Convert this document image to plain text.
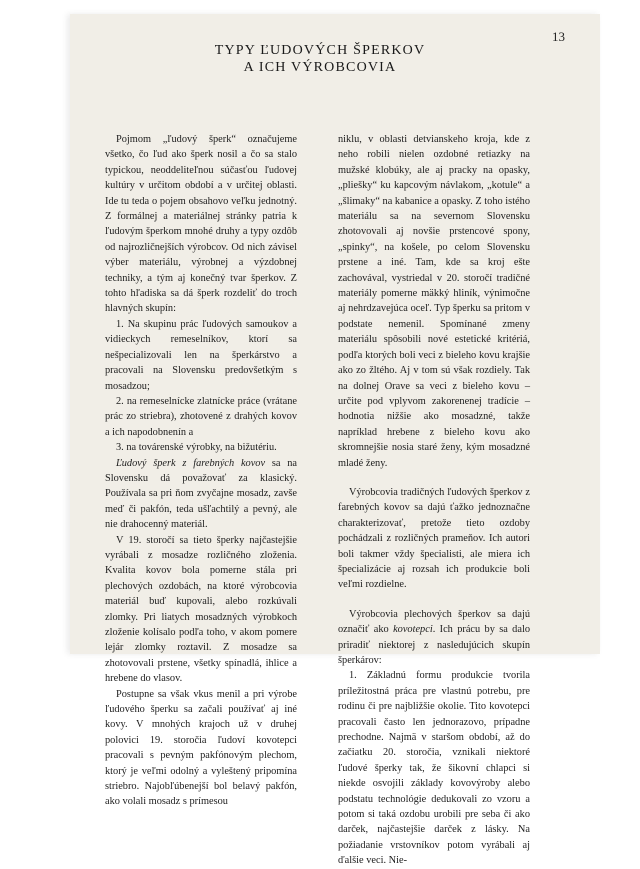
13
TYPY ĽUDOVÝCH ŠPERKOV
A ICH VÝROBCOVIA

Pojmom „ľudový šperk“ označujeme všetko, čo ľud ako šperk nosil a čo sa stalo typickou, neoddeliteľnou súčasťou ľudovej kultúry v určitom období a v určitej oblasti. Ide tu teda o pojem obsahovo veľku jednotný. Z formálnej a materiálnej stránky patria k ľudovým šperkom mnohé druhy a typy ozdôb od najrozličnejších výrobcov. Od nich závisel výber materiálu, výrobnej a výzdobnej techniky, a tým aj konečný tvar šperkov. Z tohto hľadiska sa dá šperk rozdeliť do troch hlavných skupín:

1. Na skupinu prác ľudových samoukov a vidieckych remeselníkov, ktorí sa nešpecializovali len na šperkárstvo a pracovali na Slovensku predovšetkým s mosadzou;

2. na remeselnícke zlatnícke práce (vrátane prác zo striebra), zhotovené z drahých kovov a ich napodobnenín a

3. na továrenské výrobky, na bižutériu.

Ľudový šperk z farebných kovov sa na Slovensku dá považovať za klasický. Používala sa pri ňom zvyčajne mosadz, zavše meď či pakfón, teda ušľachtilý a pevný, ale nie drahocenný materiál.

V 19. storočí sa tieto šperky najčastejšie vyrábali z mosadze rozličného zloženia. Kvalita kovov bola pomerne stála pri plechových ozdobách, na ktoré výrobcovia materiál buď kupovali, alebo rozkúvali zlomky. Pri liatych mosadzných výrobkoch zloženie kolísalo podľa toho, v akom pomere lejár zlomky roztavil. Z mosadze sa zhotovovali prstene, všetky spínadlá, ihlice a hrebene do vlasov.

Postupne sa však vkus menil a pri výrobe ľudového šperku sa začali používať aj iné kovy. V mnohých krajoch už v druhej polovici 19. storočia ľudoví kovotepci pracovali s pevným pakfónovým plechom, ktorý je veľmi odolný a vyleštený pripomína striebro. Najobľúbenejší bol belavý pakfón, ako volali mosadz s prímesou

niklu, v oblasti detvianskeho kroja, kde z neho robili nielen ozdobné retiazky na mužské klobúky, ale aj pracky na opasky, „pliešky“ ku kapcovým návlakom, „kotule“ a „šlimaky“ na kabanice a opasky. Z toho istého materiálu sa na severnom Slovensku zhotovovali aj novšie prstencové spony, „spinky“, na košele, po celom Slovensku prstene a iné. Tam, kde sa kroj ešte zachovával, vystriedal v 20. storočí tradičné materiály pomerne mäkký hliník, výnimočne aj nehrdzavejúca oceľ. Typ šperku sa pritom v podstate nemenil. Spomínané zmeny materiálu spôsobili nové estetické kritériá, podľa ktorých boli veci z bieleho kovu krajšie ako zo žltého. Aj v tom sú však rozdiely. Tak na dolnej Orave sa veci z bieleho kovu – určite pod vplyvom zakorenenej tradície – hodnotia nižšie ako mosadzné, takže napríklad hrebene z bieleho kovu ako skromnejšie nosia staré ženy, kým mosadzné mladé ženy.

Výrobcovia tradičných ľudových šperkov z farebných kovov sa dajú ťažko jednoznačne charakterizovať, pretože tieto ozdoby pochádzali z rozličných prameňov. Ich autori boli takmer vždy špecialisti, ale miera ich špecializácie aj rozsah ich produkcie boli veľmi rozdielne.

Výrobcovia plechových šperkov sa dajú označiť ako kovotepci. Ich prácu by sa dalo priradiť niektorej z nasledujúcich skupín šperkárov:

1. Základnú formu produkcie tvorila príležitostná práca pre vlastnú potrebu, pre rodinu či pre najbližšie okolie. Tito kovotepci pracovali často len jednorazovo, prípadne prechodne. Najmä v staršom období, až do začiatku 20. storočia, vznikali niektoré ľudové šperky tak, že šikovní chlapci si niekde osvojili základy kovovýroby alebo podstatu technológie dedukovali zo vzoru a potom si taká ozdobu urobili pre seba či ako darček, najčastejšie darček z lásky. Na požiadanie vrstovníkov potom vyrábali aj ďalšie veci. Nie-
